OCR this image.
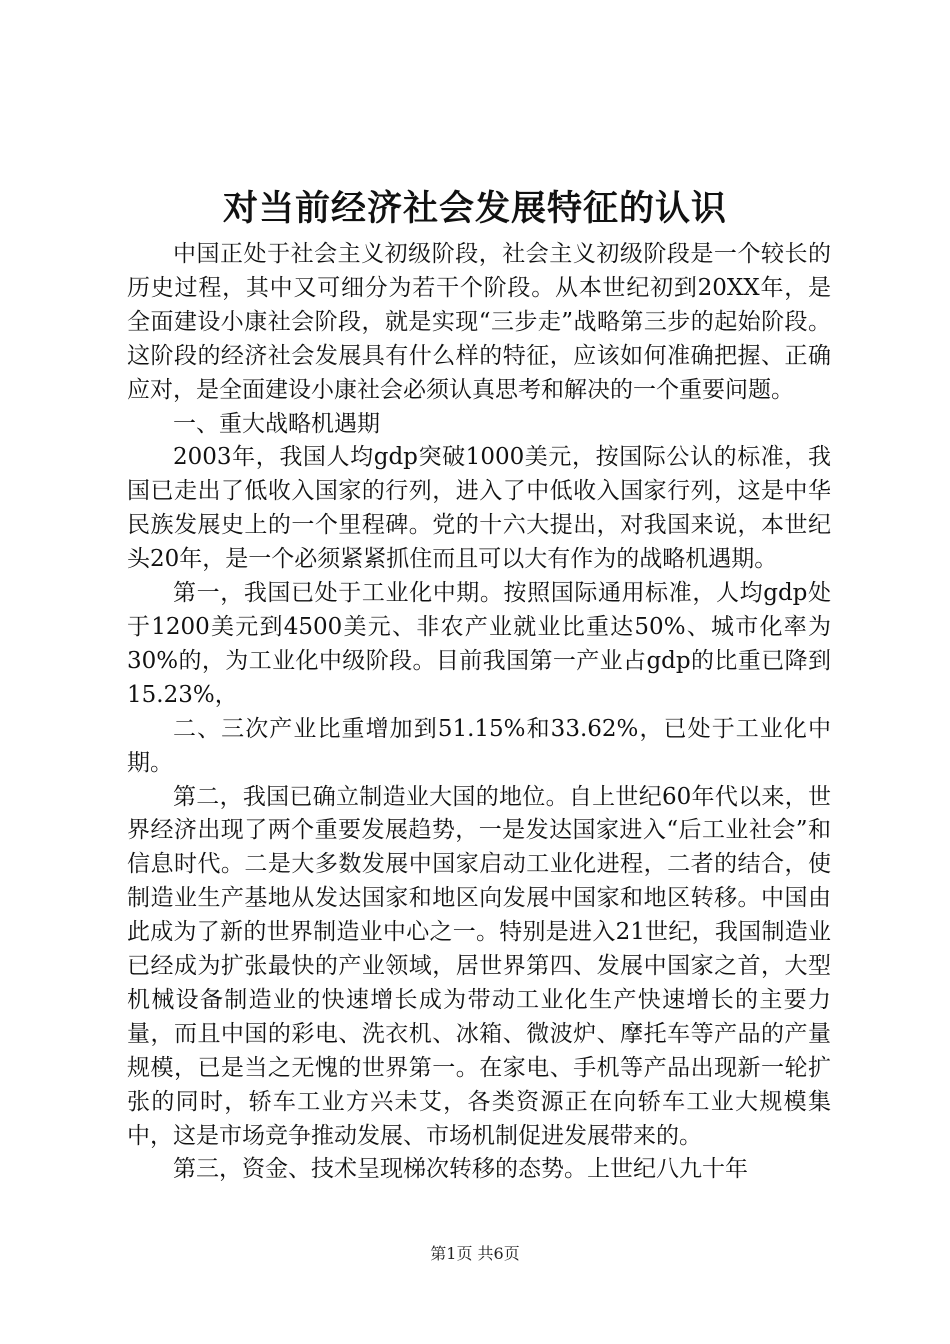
对当前经济社会发展特征的认识

中国正处于社会主义初级阶段，社会主义初级阶段是一个较长的历史过程，其中又可细分为若干个阶段。从本世纪初到20XX年，是全面建设小康社会阶段，就是实现“三步走”战略第三步的起始阶段。这阶段的经济社会发展具有什么样的特征，应该如何准确把握、正确应对，是全面建设小康社会必须认真思考和解决的一个重要问题。

一、重大战略机遇期

2003年，我国人均gdp突破1000美元，按国际公认的标准，我国已走出了低收入国家的行列，进入了中低收入国家行列，这是中华民族发展史上的一个里程碑。党的十六大提出，对我国来说，本世纪头20年，是一个必须紧紧抓住而且可以大有作为的战略机遇期。

第一，我国已处于工业化中期。按照国际通用标准，人均gdp处于1200美元到4500美元、非农产业就业比重达50%、城市化率为30%的，为工业化中级阶段。目前我国第一产业占gdp的比重已降到15.23%，

二、三次产业比重增加到51.15%和33.62%，已处于工业化中期。

第二，我国已确立制造业大国的地位。自上世纪60年代以来，世界经济出现了两个重要发展趋势，一是发达国家进入“后工业社会”和信息时代。二是大多数发展中国家启动工业化进程，二者的结合，使制造业生产基地从发达国家和地区向发展中国家和地区转移。中国由此成为了新的世界制造业中心之一。特别是进入21世纪，我国制造业已经成为扩张最快的产业领域，居世界第四、发展中国家之首，大型机械设备制造业的快速增长成为带动工业化生产快速增长的主要力量，而且中国的彩电、洗衣机、冰箱、微波炉、摩托车等产品的产量规模，已是当之无愧的世界第一。在家电、手机等产品出现新一轮扩张的同时，轿车工业方兴未艾，各类资源正在向轿车工业大规模集中，这是市场竞争推动发展、市场机制促进发展带来的。

第三，资金、技术呈现梯次转移的态势。上世纪八九十年

第1页 共6页
